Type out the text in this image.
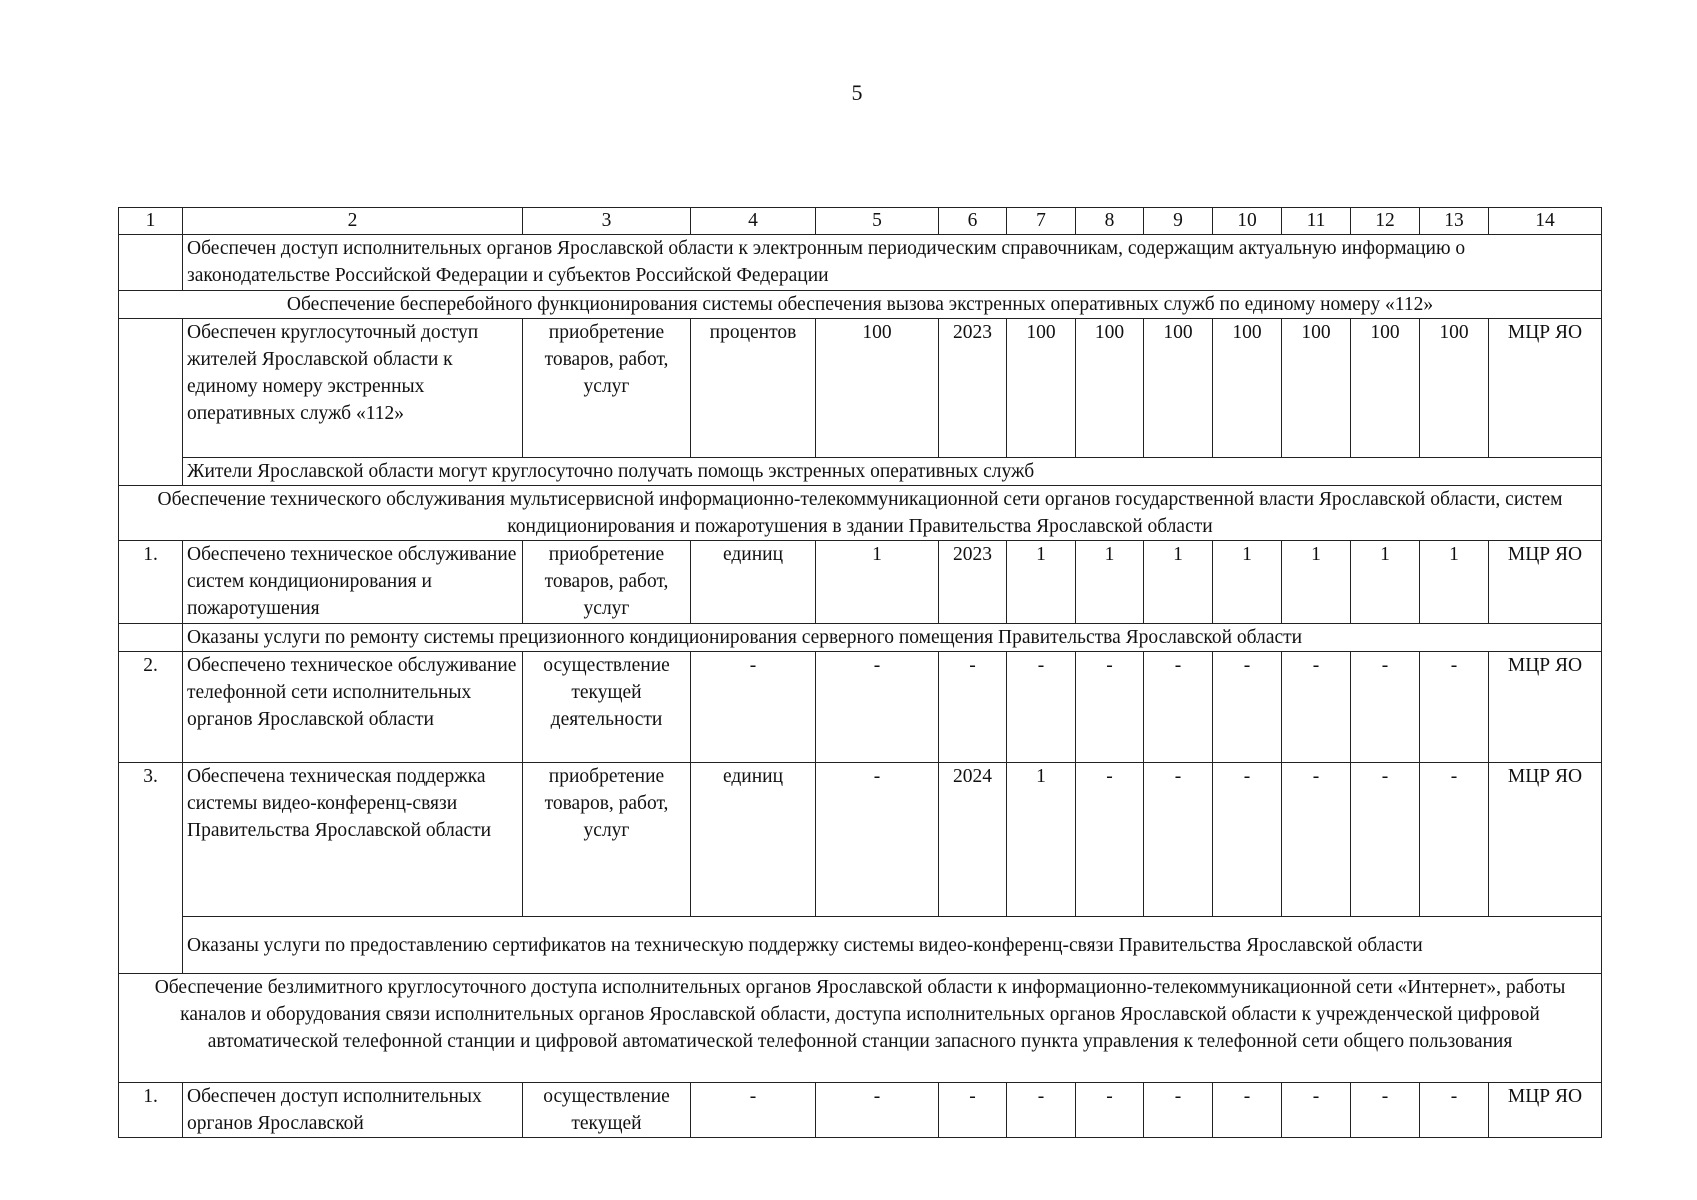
5
1	2	3	4	5	6	7	8	9	10	11	12	13	14
	Обеспечен доступ исполнительных органов Ярославской области к электронным периодическим справочникам, содержащим актуальную информацию о законодательстве Российской Федерации и субъектов Российской Федерации												
Обеспечение бесперебойного функционирования системы обеспечения вызова экстренных оперативных служб по единому номеру «112»													
	Обеспечен круглосуточный доступ жителей Ярославской области к единому номеру экстренных оперативных служб «112»	приобретение товаров, работ, услуг	процентов	100	2023	100	100	100	100	100	100	100	МЦР ЯО
	Жители Ярославской области могут круглосуточно получать помощь экстренных оперативных служб												
Обеспечение технического обслуживания мультисервисной информационно-телекоммуникационной сети органов государственной власти Ярославской области, систем кондиционирования и пожаротушения в здании Правительства Ярославской области													
1.	Обеспечено техническое обслуживание систем кондиционирования и пожаротушения	приобретение товаров, работ, услуг	единиц	1	2023	1	1	1	1	1	1	1	МЦР ЯО
	Оказаны услуги по ремонту системы прецизионного кондиционирования серверного помещения Правительства Ярославской области												
2.	Обеспечено техническое обслуживание телефонной сети исполнительных органов Ярославской области	осуществление текущей деятельности	-	-	-	-	-	-	-	-	-	-	МЦР ЯО
3.	Обеспечена техническая поддержка системы видео-конференц-связи Правительства Ярославской области	приобретение товаров, работ, услуг	единиц	-	2024	1	-	-	-	-	-	-	МЦР ЯО
	Оказаны услуги по предоставлению сертификатов на техническую поддержку системы видео-конференц-связи Правительства Ярославской области												
Обеспечение безлимитного круглосуточного доступа исполнительных органов Ярославской области к информационно-телекоммуникационной сети «Интернет», работы каналов и оборудования связи исполнительных органов Ярославской области, доступа исполнительных органов Ярославской области к учрежденческой цифровой автоматической телефонной станции и цифровой автоматической телефонной станции запасного пункта управления к телефонной сети общего пользования													
1.	Обеспечен доступ исполнительных органов Ярославской	осуществление текущей	-	-	-	-	-	-	-	-	-	-	МЦР ЯО
